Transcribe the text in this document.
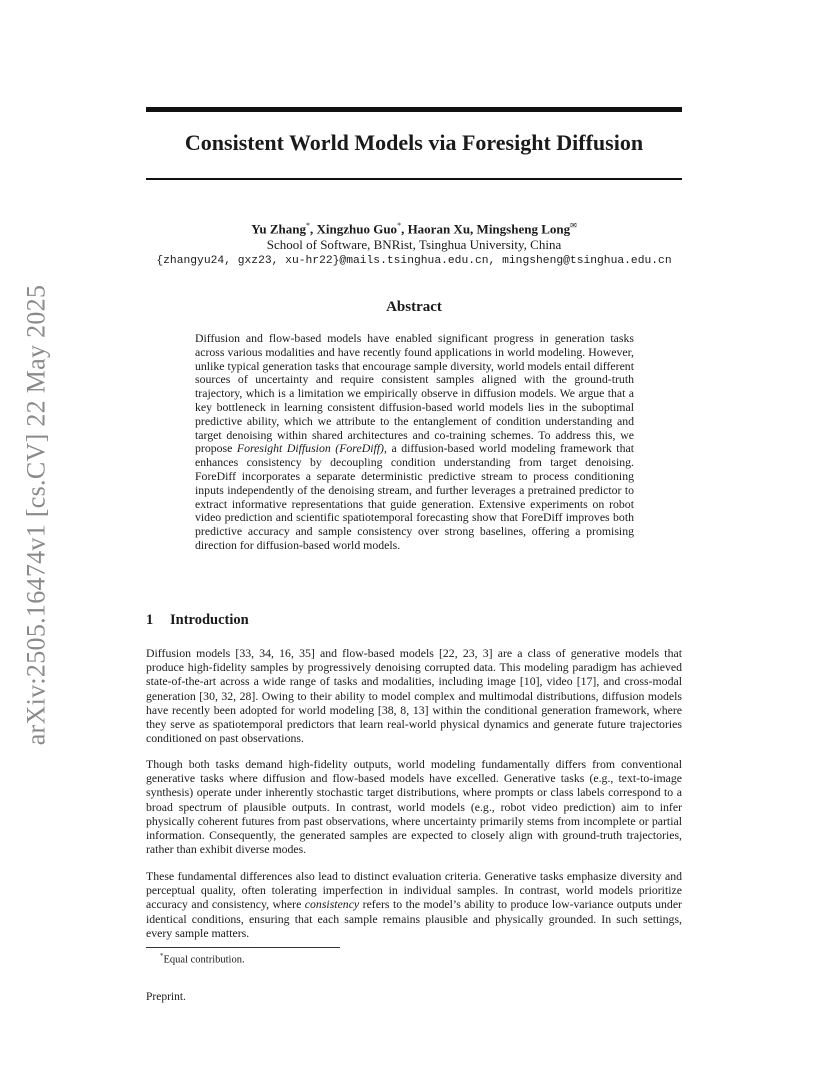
arXiv:2505.16474v1 [cs.CV] 22 May 2025
Consistent World Models via Foresight Diffusion
Yu Zhang*, Xingzhuo Guo*, Haoran Xu, Mingsheng Long✉
School of Software, BNRist, Tsinghua University, China
{zhangyu24, gxz23, xu-hr22}@mails.tsinghua.edu.cn, mingsheng@tsinghua.edu.cn
Abstract

Diffusion and flow-based models have enabled significant progress in generation tasks across various modalities and have recently found applications in world modeling. However, unlike typical generation tasks that encourage sample diversity, world models entail different sources of uncertainty and require consistent samples aligned with the ground-truth trajectory, which is a limitation we empirically observe in diffusion models. We argue that a key bottleneck in learning consistent diffusion-based world models lies in the suboptimal predictive ability, which we attribute to the entanglement of condition understanding and target denoising within shared architectures and co-training schemes. To address this, we propose Foresight Diffusion (ForeDiff), a diffusion-based world modeling framework that enhances consistency by decoupling condition understanding from target denoising. ForeDiff incorporates a separate deterministic predictive stream to process conditioning inputs independently of the denoising stream, and further leverages a pretrained predictor to extract informative representations that guide generation. Extensive experiments on robot video prediction and scientific spatiotemporal forecasting show that ForeDiff improves both predictive accuracy and sample consistency over strong baselines, offering a promising direction for diffusion-based world models.

1 Introduction

Diffusion models [33, 34, 16, 35] and flow-based models [22, 23, 3] are a class of generative models that produce high-fidelity samples by progressively denoising corrupted data. This modeling paradigm has achieved state-of-the-art across a wide range of tasks and modalities, including image [10], video [17], and cross-modal generation [30, 32, 28]. Owing to their ability to model complex and multimodal distributions, diffusion models have recently been adopted for world modeling [38, 8, 13] within the conditional generation framework, where they serve as spatiotemporal predictors that learn real-world physical dynamics and generate future trajectories conditioned on past observations.

Though both tasks demand high-fidelity outputs, world modeling fundamentally differs from conventional generative tasks where diffusion and flow-based models have excelled. Generative tasks (e.g., text-to-image synthesis) operate under inherently stochastic target distributions, where prompts or class labels correspond to a broad spectrum of plausible outputs. In contrast, world models (e.g., robot video prediction) aim to infer physically coherent futures from past observations, where uncertainty primarily stems from incomplete or partial information. Consequently, the generated samples are expected to closely align with ground-truth trajectories, rather than exhibit diverse modes.

These fundamental differences also lead to distinct evaluation criteria. Generative tasks emphasize diversity and perceptual quality, often tolerating imperfection in individual samples. In contrast, world models prioritize accuracy and consistency, where consistency refers to the model’s ability to produce low-variance outputs under identical conditions, ensuring that each sample remains plausible and physically grounded. In such settings, every sample matters.

*Equal contribution.
Preprint.
